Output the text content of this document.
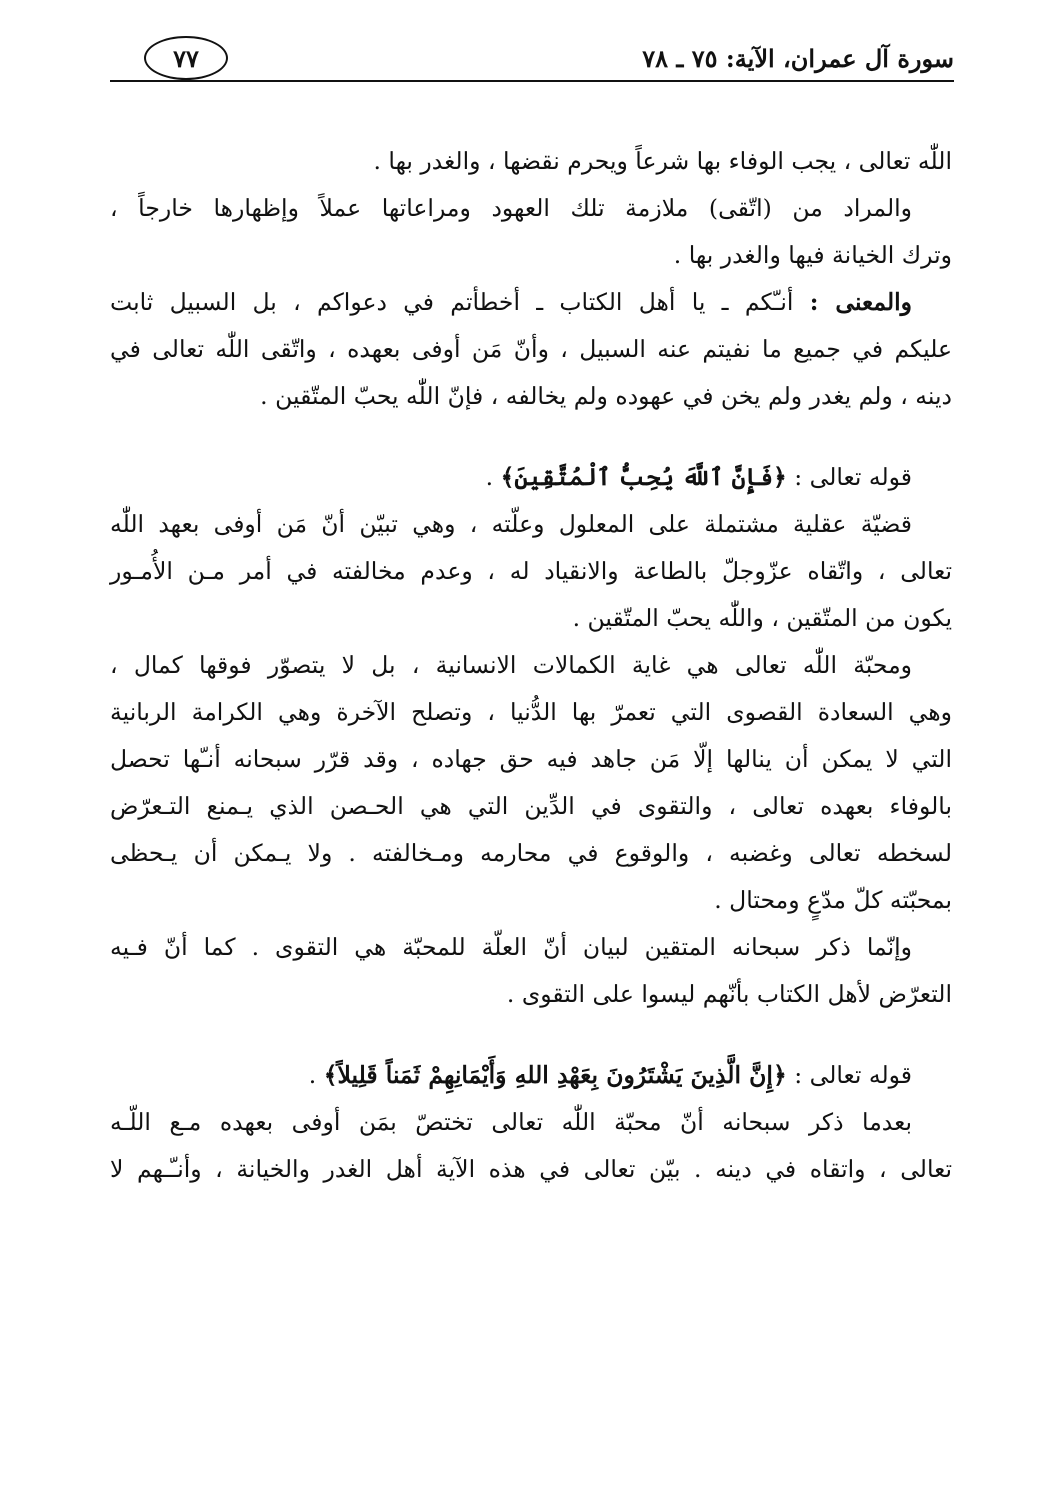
سورة آل عمران، الآية: ٧٥ ـ ٧٨
٧٧

اللّٰه تعالى ، يجب الوفاء بها شرعاً ويحرم نقضها ، والغدر بها .

والمراد من (اتّقى) ملازمة تلك العهود ومراعاتها عملاً وإظهارها خارجاً ،
وترك الخيانة فيها والغدر بها .

والمعنى : أنـّكم ـ يا أهل الكتاب ـ أخطأتم في دعواكم ، بل السبيل ثابت
عليكم في جميع ما نفيتم عنه السبيل ، وأنّ مَن أوفى بعهده ، واتّقى اللّٰه تعالى في
دينه ، ولم يغدر ولم يخن في عهوده ولم يخالفه ، فإنّ اللّٰه يحبّ المتّقين .

قوله تعالى : ﴿فَإِنَّ ٱللَّهَ يُحِبُّ ٱلْمُتَّقِينَ﴾ .

قضيّة عقلية مشتملة على المعلول وعلّته ، وهي تبيّن أنّ مَن أوفى بعهد اللّٰه
تعالى ، واتّقاه عزّوجلّ بالطاعة والانقياد له ، وعدم مخالفته في أمر مـن الأُمـور
يكون من المتّقين ، واللّٰه يحبّ المتّقين .

ومحبّة اللّٰه تعالى هي غاية الكمالات الانسانية ، بل لا يتصوّر فوقها كمال ،
وهي السعادة القصوى التي تعمرّ بها الدُّنيا ، وتصلح الآخرة وهي الكرامة الربانية
التي لا يمكن أن ينالها إلّا مَن جاهد فيه حق جهاده ، وقد قرّر سبحانه أنـّها تحصل
بالوفاء بعهده تعالى ، والتقوى في الدِّين التي هي الحـصن الذي يـمنع التـعرّض
لسخطه تعالى وغضبه ، والوقوع في محارمه ومـخالفته . ولا يـمكن أن يـحظى
بمحبّته كلّ مدّعٍ ومحتال .

وإنّما ذكر سبحانه المتقين لبيان أنّ العلّة للمحبّة هي التقوى . كما أنّ فـيه
التعرّض لأهل الكتاب بأنّهم ليسوا على التقوى .

قوله تعالى : ﴿إِنَّ الَّذِينَ يَشْتَرُونَ بِعَهْدِ اللهِ وَأَيْمَانِهِمْ ثَمَناً قَلِيلاً﴾ .

بعدما ذكر سبحانه أنّ محبّة اللّٰه تعالى تختصّ بمَن أوفى بعهده مـع اللّـه
تعالى ، واتقاه في دينه . بيّن تعالى في هذه الآية أهل الغدر والخيانة ، وأنـّـهم لا
